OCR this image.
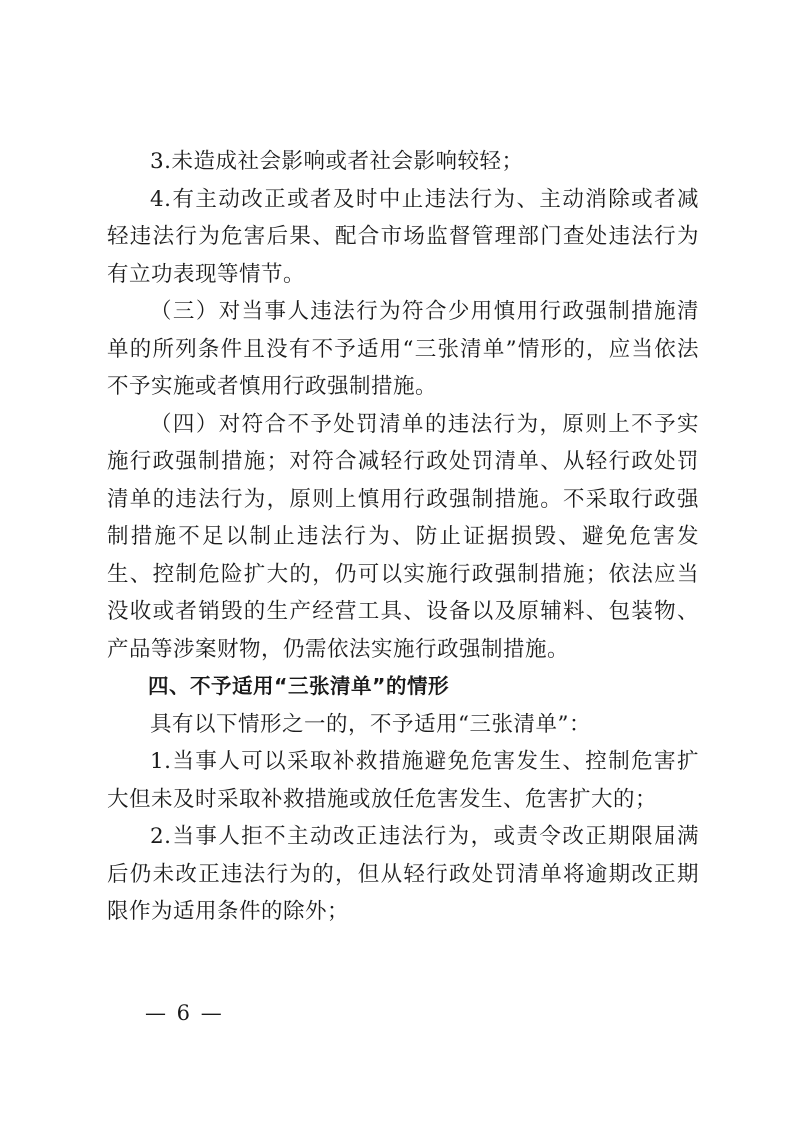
3.未造成社会影响或者社会影响较轻；

4.有主动改正或者及时中止违法行为、主动消除或者减轻违法行为危害后果、配合市场监督管理部门查处违法行为有立功表现等情节。

（三）对当事人违法行为符合少用慎用行政强制措施清单的所列条件且没有不予适用“三张清单”情形的，应当依法不予实施或者慎用行政强制措施。

（四）对符合不予处罚清单的违法行为，原则上不予实施行政强制措施；对符合减轻行政处罚清单、从轻行政处罚清单的违法行为，原则上慎用行政强制措施。不采取行政强制措施不足以制止违法行为、防止证据损毁、避免危害发生、控制危险扩大的，仍可以实施行政强制措施；依法应当没收或者销毁的生产经营工具、设备以及原辅料、包装物、产品等涉案财物，仍需依法实施行政强制措施。

四、不予适用“三张清单”的情形

具有以下情形之一的，不予适用“三张清单”：

1.当事人可以采取补救措施避免危害发生、控制危害扩大但未及时采取补救措施或放任危害发生、危害扩大的；

2.当事人拒不主动改正违法行为，或责令改正期限届满后仍未改正违法行为的，但从轻行政处罚清单将逾期改正期限作为适用条件的除外；

— 6 —
